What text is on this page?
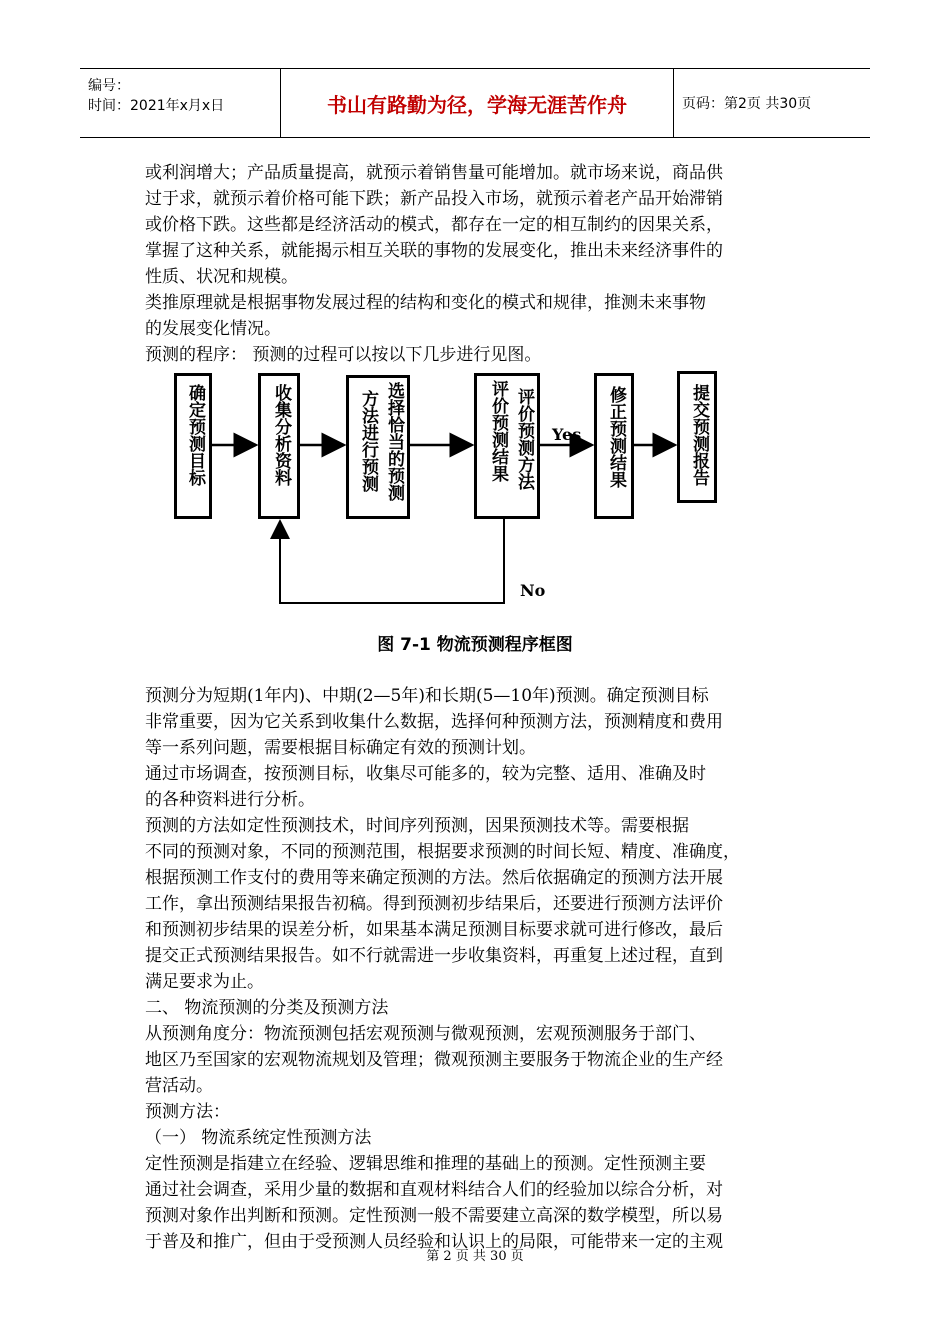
编号：
时间：2021年x月x日	书山有路勤为径，学海无涯苦作舟	页码：第2页 共30页
或利润增大；产品质量提高，就预示着销售量可能增加。就市场来说，商品供
过于求，就预示着价格可能下跌；新产品投入市场，就预示着老产品开始滞销
或价格下跌。这些都是经济活动的模式，都存在一定的相互制约的因果关系，
掌握了这种关系，就能揭示相互关联的事物的发展变化，推出未来经济事件的
性质、状况和规模。
类推原理就是根据事物发展过程的结构和变化的模式和规律，推测未来事物
的发展变化情况。
预测的程序： 预测的过程可以按以下几步进行见图。
确定预测目标	收集分析资料	选择恰当的预测
方法进行预测	评价预测方法
评价预测结果	修正预测结果	提交预测报告
Yes
No
图 7-1 物流预测程序框图
预测分为短期(1年内)、中期(2—5年)和长期(5—10年)预测。确定预测目标
非常重要，因为它关系到收集什么数据，选择何种预测方法，预测精度和费用
等一系列问题，需要根据目标确定有效的预测计划。
通过市场调查，按预测目标，收集尽可能多的，较为完整、适用、准确及时
的各种资料进行分析。
预测的方法如定性预测技术，时间序列预测，因果预测技术等。需要根据
不同的预测对象，不同的预测范围，根据要求预测的时间长短、精度、准确度，
根据预测工作支付的费用等来确定预测的方法。然后依据确定的预测方法开展
工作，拿出预测结果报告初稿。得到预测初步结果后，还要进行预测方法评价
和预测初步结果的误差分析，如果基本满足预测目标要求就可进行修改，最后
提交正式预测结果报告。如不行就需进一步收集资料，再重复上述过程，直到
满足要求为止。
二、 物流预测的分类及预测方法
从预测角度分：物流预测包括宏观预测与微观预测，宏观预测服务于部门、
地区乃至国家的宏观物流规划及管理；微观预测主要服务于物流企业的生产经
营活动。
预测方法：
（一） 物流系统定性预测方法
定性预测是指建立在经验、逻辑思维和推理的基础上的预测。定性预测主要
通过社会调查，采用少量的数据和直观材料结合人们的经验加以综合分析，对
预测对象作出判断和预测。定性预测一般不需要建立高深的数学模型，所以易
于普及和推广，但由于受预测人员经验和认识上的局限，可能带来一定的主观
第 2 页 共 30 页
